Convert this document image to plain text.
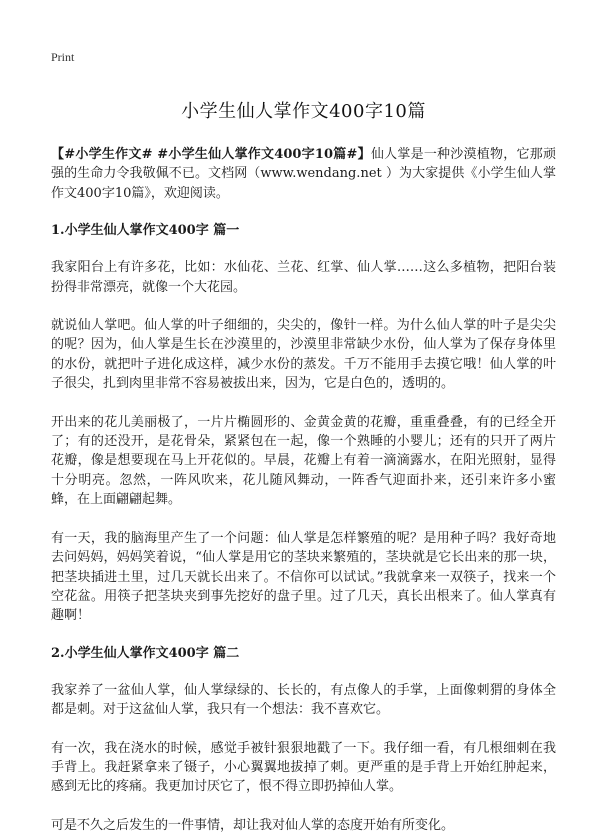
Print
小学生仙人掌作文400字10篇

【#小学生作文# #小学生仙人掌作文400字10篇#】仙人掌是一种沙漠植物，它那顽强的生命力令我敬佩不已。文档网（www.wendang.net ）为大家提供《小学生仙人掌作文400字10篇》，欢迎阅读。

1.小学生仙人掌作文400字 篇一

我家阳台上有许多花，比如：水仙花、兰花、红掌、仙人掌……这么多植物，把阳台装扮得非常漂亮，就像一个大花园。

就说仙人掌吧。仙人掌的叶子细细的，尖尖的，像针一样。为什么仙人掌的叶子是尖尖的呢？因为，仙人掌是生长在沙漠里的，沙漠里非常缺少水份，仙人掌为了保存身体里的水份，就把叶子进化成这样，减少水份的蒸发。千万不能用手去摸它哦！仙人掌的叶子很尖，扎到肉里非常不容易被拔出来，因为，它是白色的，透明的。

开出来的花儿美丽极了，一片片椭圆形的、金黄金黄的花瓣，重重叠叠，有的已经全开了；有的还没开，是花骨朵，紧紧包在一起，像一个熟睡的小婴儿；还有的只开了两片花瓣，像是想要现在马上开花似的。早晨，花瓣上有着一滴滴露水，在阳光照射，显得十分明亮。忽然，一阵风吹来，花儿随风舞动，一阵香气迎面扑来，还引来许多小蜜蜂，在上面翩翩起舞。

有一天，我的脑海里产生了一个问题：仙人掌是怎样繁殖的呢？是用种子吗？我好奇地去问妈妈，妈妈笑着说，“仙人掌是用它的茎块来繁殖的，茎块就是它长出来的那一块，把茎块插进土里，过几天就长出来了。不信你可以试试。”我就拿来一双筷子，找来一个空花盆。用筷子把茎块夹到事先挖好的盘子里。过了几天，真长出根来了。仙人掌真有趣啊！

2.小学生仙人掌作文400字 篇二

我家养了一盆仙人掌，仙人掌绿绿的、长长的，有点像人的手掌，上面像刺猬的身体全都是刺。对于这盆仙人掌，我只有一个想法：我不喜欢它。

有一次，我在浇水的时候，感觉手被针狠狠地戳了一下。我仔细一看，有几根细刺在我手背上。我赶紧拿来了镊子，小心翼翼地拔掉了刺。更严重的是手背上开始红肿起来，感到无比的疼痛。我更加讨厌它了，恨不得立即扔掉仙人掌。

可是不久之后发生的一件事情，却让我对仙人掌的态度开始有所变化。
